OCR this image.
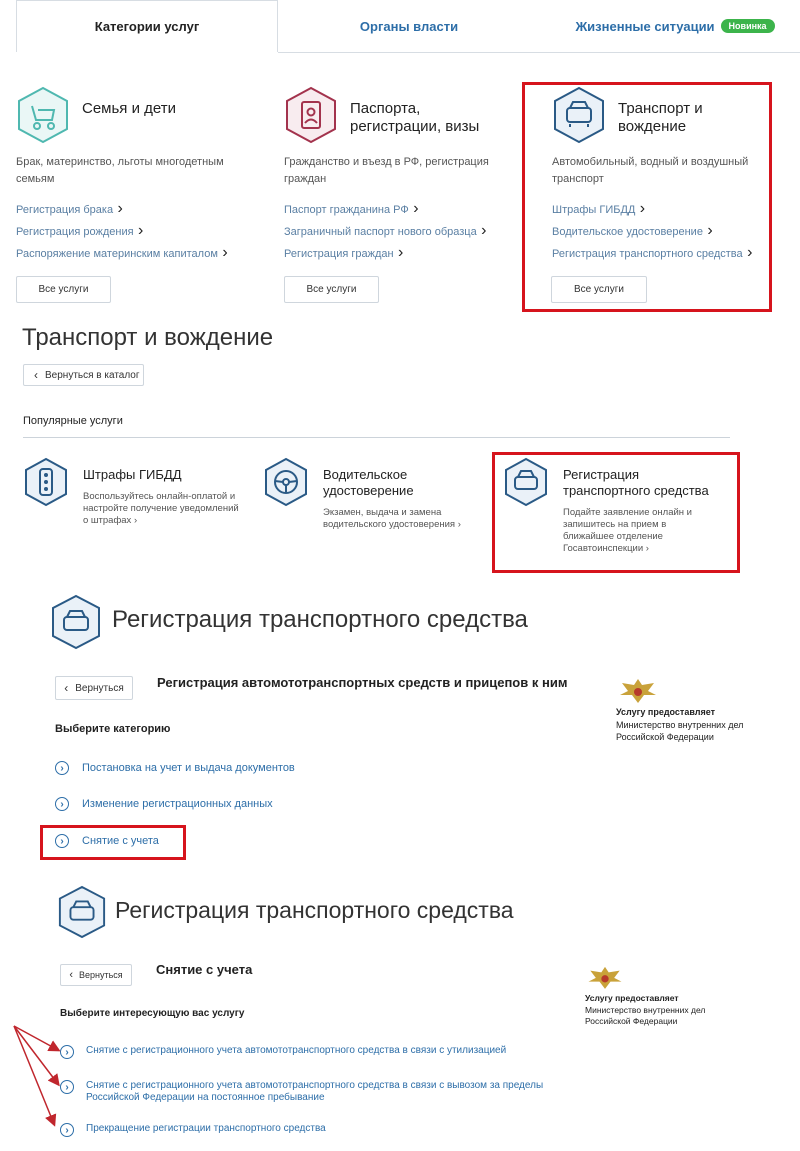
Категории услуг	Органы власти	Жизненные ситуации	Новинка
Семья и дети
Брак, материнство, льготы многодетным семьям
Регистрация брака ›
Регистрация рождения ›
Распоряжение материнским капиталом ›
Все услуги
Паспорта, регистрации, визы
Гражданство и въезд в РФ, регистрация граждан
Паспорт гражданина РФ ›
Заграничный паспорт нового образца ›
Регистрация граждан ›
Все услуги
Транспорт и вождение
Автомобильный, водный и воздушный транспорт
Штрафы ГИБДД ›
Водительское удостоверение ›
Регистрация транспортного средства ›
Все услуги
Транспорт и вождение
‹ Вернуться в каталог
Популярные услуги
Штрафы ГИБДД
Воспользуйтесь онлайн-оплатой и настройте получение уведомлений о штрафах ›
Водительское удостоверение
Экзамен, выдача и замена водительского удостоверения ›
Регистрация транспортного средства
Подайте заявление онлайн и запишитесь на прием в ближайшее отделение Госавтоинспекции ›
Регистрация транспортного средства
‹ Вернуться	Регистрация автомототранспортных средств и прицепов к ним
Выберите категорию
Услугу предоставляет
Министерство внутренних дел Российской Федерации
›	Постановка на учет и выдача документов
›	Изменение регистрационных данных
›	Снятие с учета
Регистрация транспортного средства
‹ Вернуться	Снятие с учета
Выберите интересующую вас услугу
Услугу предоставляет
Министерство внутренних дел Российской Федерации
›	Снятие с регистрационного учета автомототранспортного средства в связи с утилизацией
›	Снятие с регистрационного учета автомототранспортного средства в связи с вывозом за пределы Российской Федерации на постоянное пребывание
›	Прекращение регистрации транспортного средства
